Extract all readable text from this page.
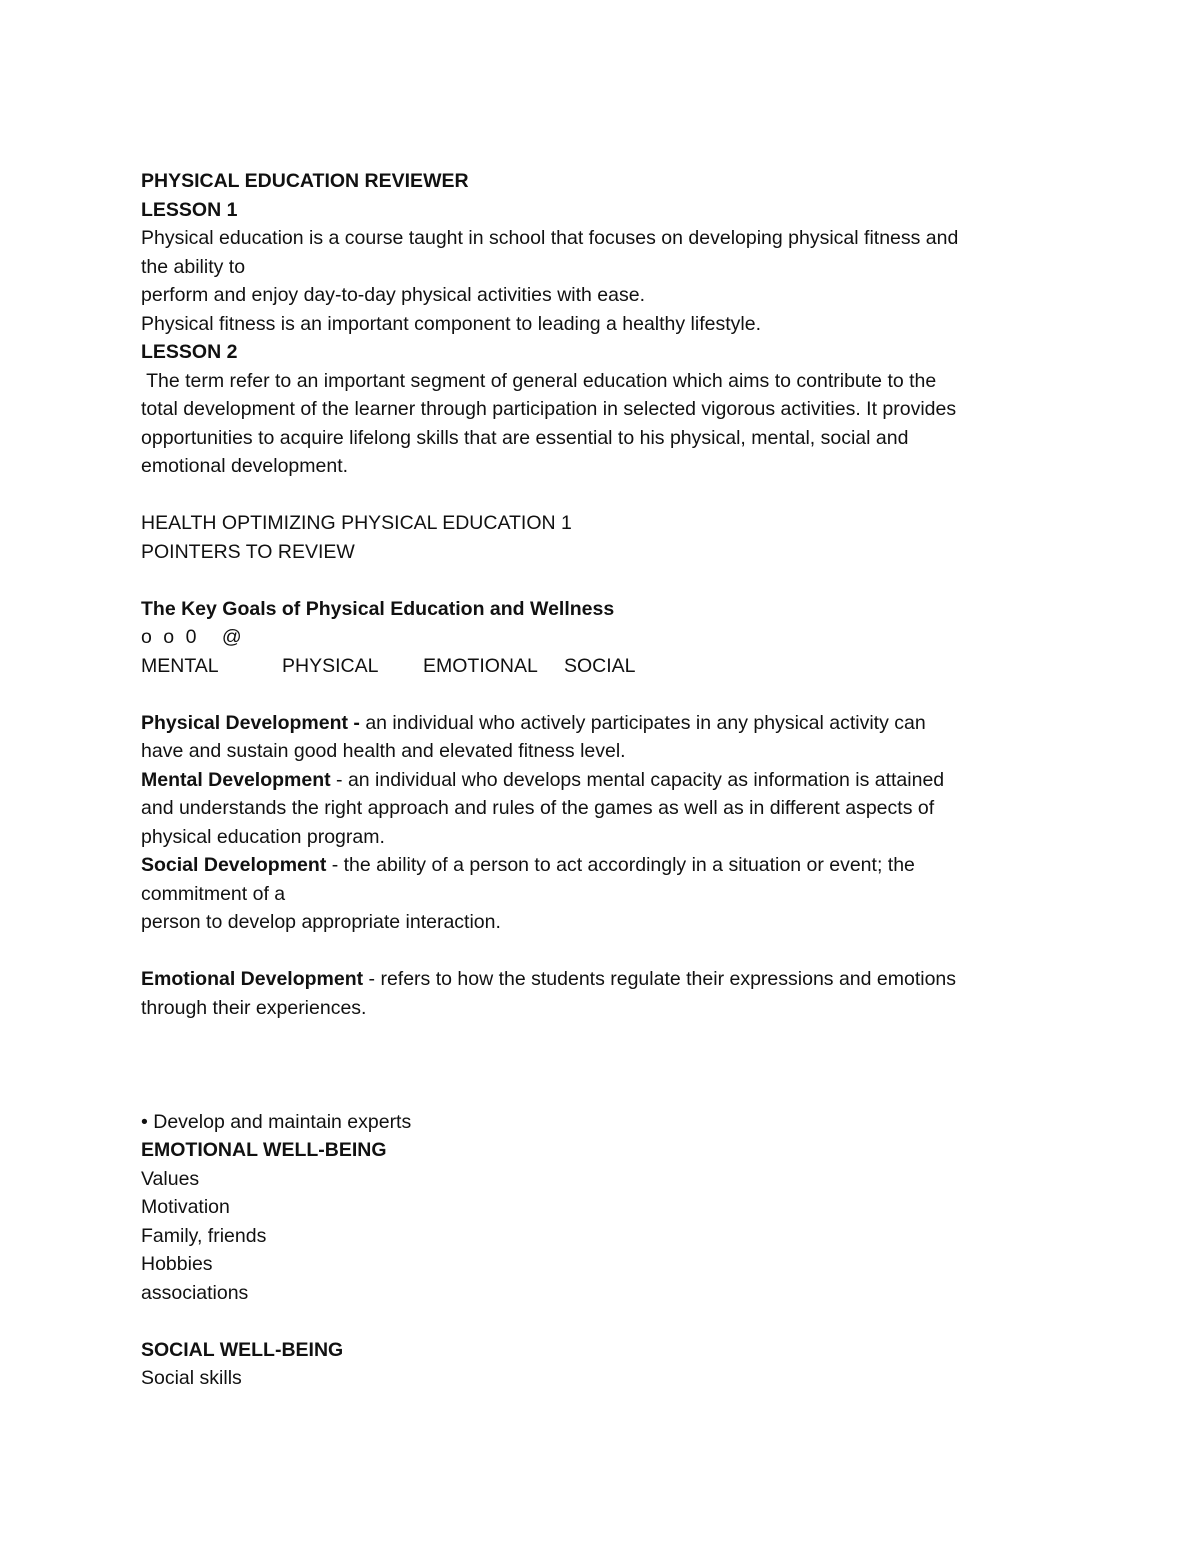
PHYSICAL EDUCATION REVIEWER
LESSON 1
Physical education is a course taught in school that focuses on developing physical fitness and
the ability to
perform and enjoy day-to-day physical activities with ease.
Physical fitness is an important component to leading a healthy lifestyle.
LESSON 2
The term refer to an important segment of general education which aims to contribute to the
total development of the learner through participation in selected vigorous activities. It provides
opportunities to acquire lifelong skills that are essential to his physical, mental, social and
emotional development.
HEALTH OPTIMIZING PHYSICAL EDUCATION 1
POINTERS TO REVIEW
The Key Goals of Physical Education and Wellness
o o 0 @
MENTAL	PHYSICAL EMOTIONAL SOCIAL
Physical Development - an individual who actively participates in any physical activity can
have and sustain good health and elevated fitness level.
Mental Development - an individual who develops mental capacity as information is attained
and understands the right approach and rules of the games as well as in different aspects of
physical education program.
Social Development - the ability of a person to act accordingly in a situation or event; the
commitment of a
person to develop appropriate interaction.
Emotional Development - refers to how the students regulate their expressions and emotions
through their experiences.
• Develop and maintain experts
EMOTIONAL WELL-BEING
Values
Motivation
Family, friends
Hobbies
associations
SOCIAL WELL-BEING
Social skills
